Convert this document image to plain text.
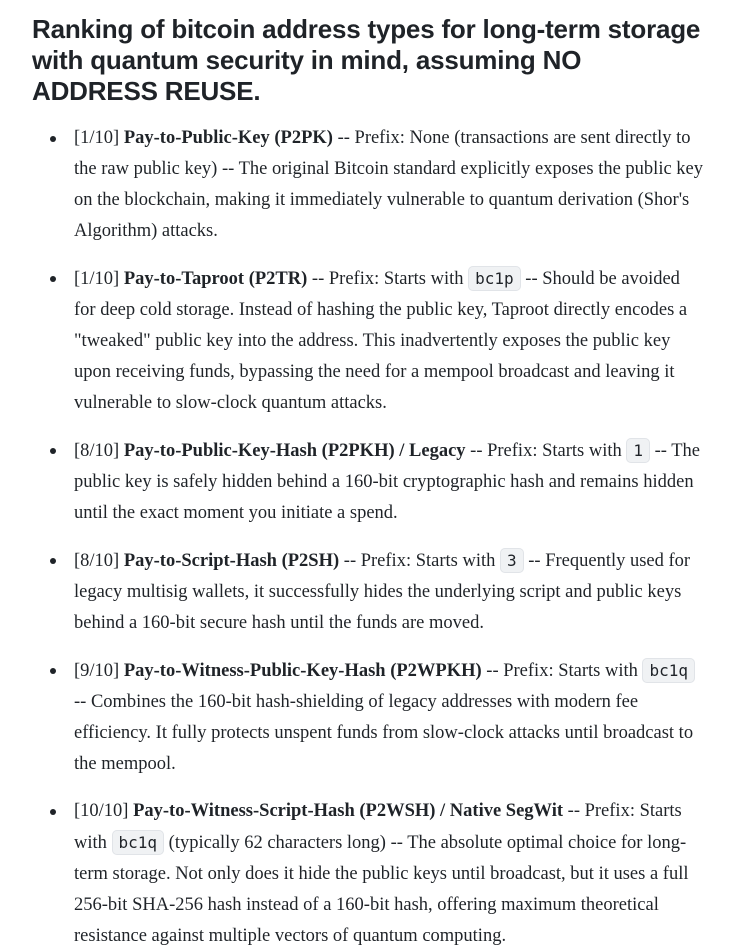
Ranking of bitcoin address types for long-term storage with quantum security in mind, assuming NO ADDRESS REUSE.
[1/10] Pay-to-Public-Key (P2PK) -- Prefix: None (transactions are sent directly to the raw public key) -- The original Bitcoin standard explicitly exposes the public key on the blockchain, making it immediately vulnerable to quantum derivation (Shor's Algorithm) attacks.
[1/10] Pay-to-Taproot (P2TR) -- Prefix: Starts with bc1p -- Should be avoided for deep cold storage. Instead of hashing the public key, Taproot directly encodes a "tweaked" public key into the address. This inadvertently exposes the public key upon receiving funds, bypassing the need for a mempool broadcast and leaving it vulnerable to slow-clock quantum attacks.
[8/10] Pay-to-Public-Key-Hash (P2PKH) / Legacy -- Prefix: Starts with 1 -- The public key is safely hidden behind a 160-bit cryptographic hash and remains hidden until the exact moment you initiate a spend.
[8/10] Pay-to-Script-Hash (P2SH) -- Prefix: Starts with 3 -- Frequently used for legacy multisig wallets, it successfully hides the underlying script and public keys behind a 160-bit secure hash until the funds are moved.
[9/10] Pay-to-Witness-Public-Key-Hash (P2WPKH) -- Prefix: Starts with bc1q -- Combines the 160-bit hash-shielding of legacy addresses with modern fee efficiency. It fully protects unspent funds from slow-clock attacks until broadcast to the mempool.
[10/10] Pay-to-Witness-Script-Hash (P2WSH) / Native SegWit -- Prefix: Starts with bc1q (typically 62 characters long) -- The absolute optimal choice for long-term storage. Not only does it hide the public keys until broadcast, but it uses a full 256-bit SHA-256 hash instead of a 160-bit hash, offering maximum theoretical resistance against multiple vectors of quantum computing.
